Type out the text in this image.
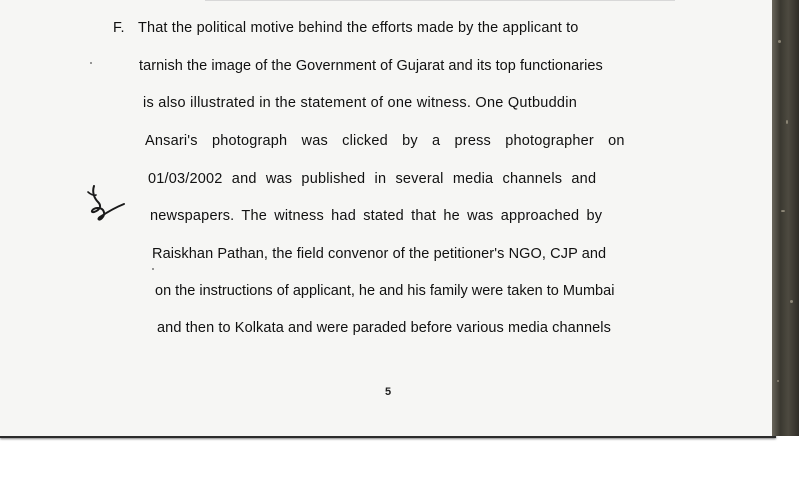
F. That the political motive behind the efforts made by the applicant to
tarnish the image of the Government of Gujarat and its top functionaries
is also illustrated in the statement of one witness. One Qutbuddin
Ansari's photograph was clicked by a press photographer on
01/03/2002 and was published in several media channels and
newspapers. The witness had stated that he was approached by
Raiskhan Pathan, the field convenor of the petitioner's NGO, CJP and
on the instructions of applicant, he and his family were taken to Mumbai
and then to Kolkata and were paraded before various media channels
5
